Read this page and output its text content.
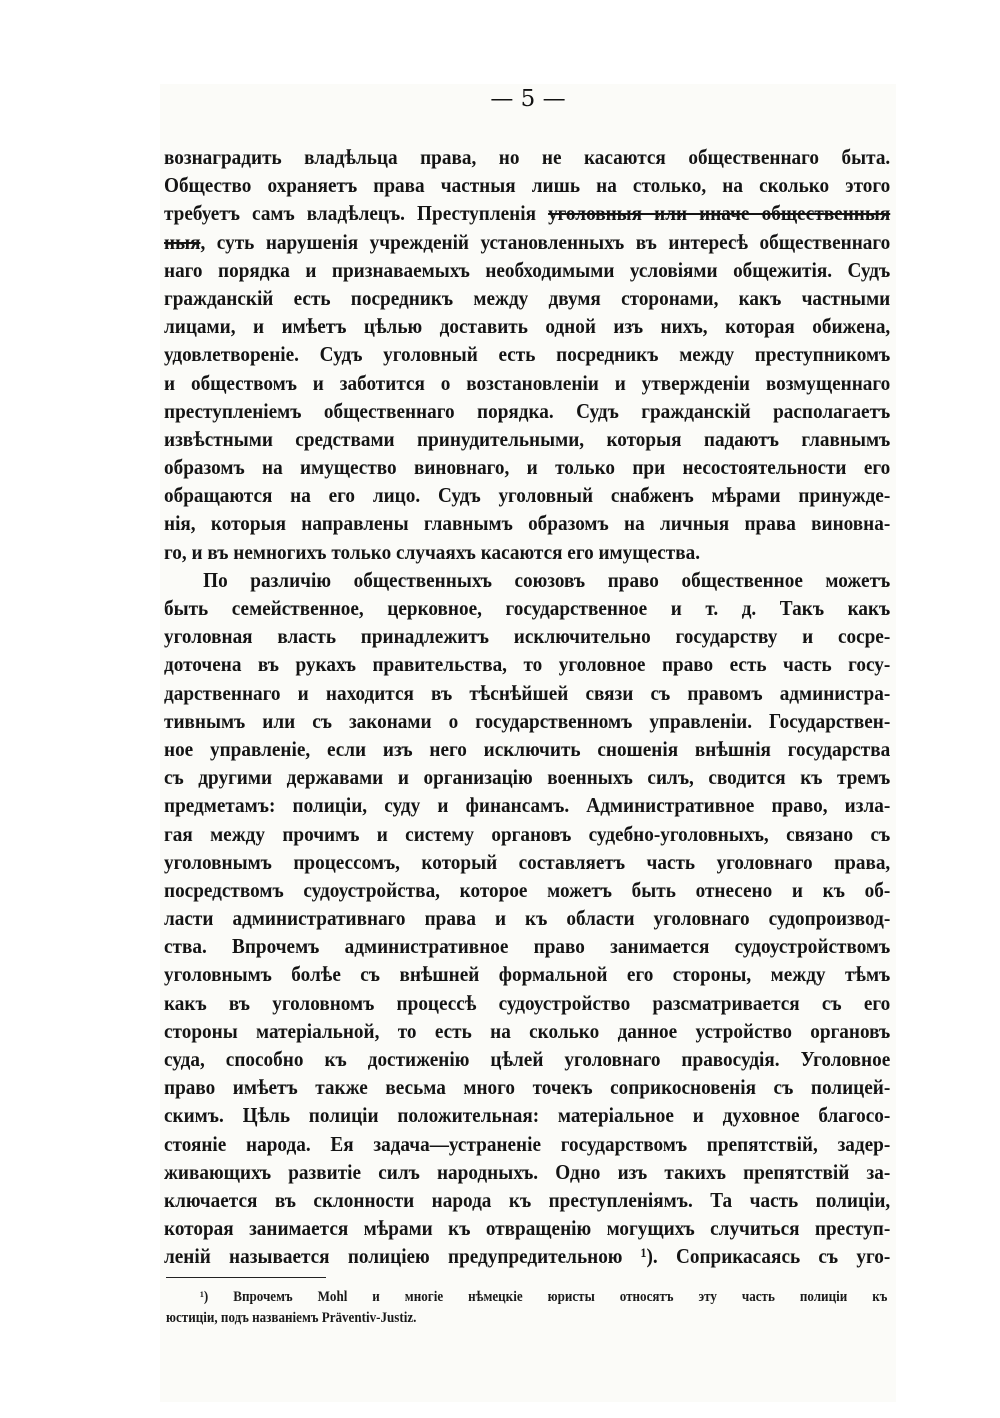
— 5 —
вознаградить владѣльца права, но не касаются общественнаго быта.
Общество охраняетъ права частныя лишь на столько, на сколько этого
требуетъ самъ владѣлецъ. Преступленія уголовныя или иначе общественныя
ныя, суть нарушенія учрежденій установленныхъ въ интересѣ общественнаго
наго порядка и признаваемыхъ необходимыми условіями общежитія. Судъ
гражданскій есть посредникъ между двумя сторонами, какъ частными
лицами, и имѣетъ цѣлью доставить одной изъ нихъ, которая обижена,
удовлетвореніе. Судъ уголовный есть посредникъ между преступникомъ
и обществомъ и заботится о возстановленіи и утвержденіи возмущеннаго
преступленіемъ общественнаго порядка. Судъ гражданскій располагаетъ
извѣстными средствами принудительными, которыя падаютъ главнымъ
образомъ на имущество виновнаго, и только при несостоятельности его
обращаются на его лицо. Судъ уголовный снабженъ мѣрами принужде-
нія, которыя направлены главнымъ образомъ на личныя права виновна-
го, и въ немногихъ только случаяхъ касаются его имущества.
По различію общественныхъ союзовъ право общественное можетъ
быть семейственное, церковное, государственное и т. д. Такъ какъ
уголовная власть принадлежитъ исключительно государству и сосре-
доточена въ рукахъ правительства, то уголовное право есть часть госу-
дарственнаго и находится въ тѣснѣйшей связи съ правомъ администра-
тивнымъ или съ законами о государственномъ управленіи. Государствен-
ное управленіе, если изъ него исключить сношенія внѣшнія государства
съ другими державами и организацію военныхъ силъ, сводится къ тремъ
предметамъ: полиціи, суду и финансамъ. Административное право, изла-
гая между прочимъ и систему органовъ судебно-уголовныхъ, связано съ
уголовнымъ процессомъ, который составляетъ часть уголовнаго права,
посредствомъ судоустройства, которое можетъ быть отнесено и къ об-
ласти административнаго права и къ области уголовнаго судопроизвод-
ства. Впрочемъ административное право занимается судоустройствомъ
уголовнымъ болѣе съ внѣшней формальной его стороны, между тѣмъ
какъ въ уголовномъ процессѣ судоустройство разсматривается съ его
стороны матеріальной, то есть на сколько данное устройство органовъ
суда, способно къ достиженію цѣлей уголовнаго правосудія. Уголовное
право имѣетъ также весьма много точекъ соприкосновенія съ полицей-
скимъ. Цѣль полиціи положительная: матеріальное и духовное благосо-
стояніе народа. Ея задача—устраненіе государствомъ препятствій, задер-
живающихъ развитіе силъ народныхъ. Одно изъ такихъ препятствій за-
ключается въ склонности народа къ преступленіямъ. Та часть полиціи,
которая занимается мѣрами къ отвращенію могущихъ случиться преступ-
леній называется полиціею предупредительною ¹). Соприкасаясь съ уго-
¹) Впрочемъ Mohl и многіе нѣмецкіе юристы относятъ эту часть полиціи къ
юстиціи, подъ названіемъ Präventiv-Justiz.
